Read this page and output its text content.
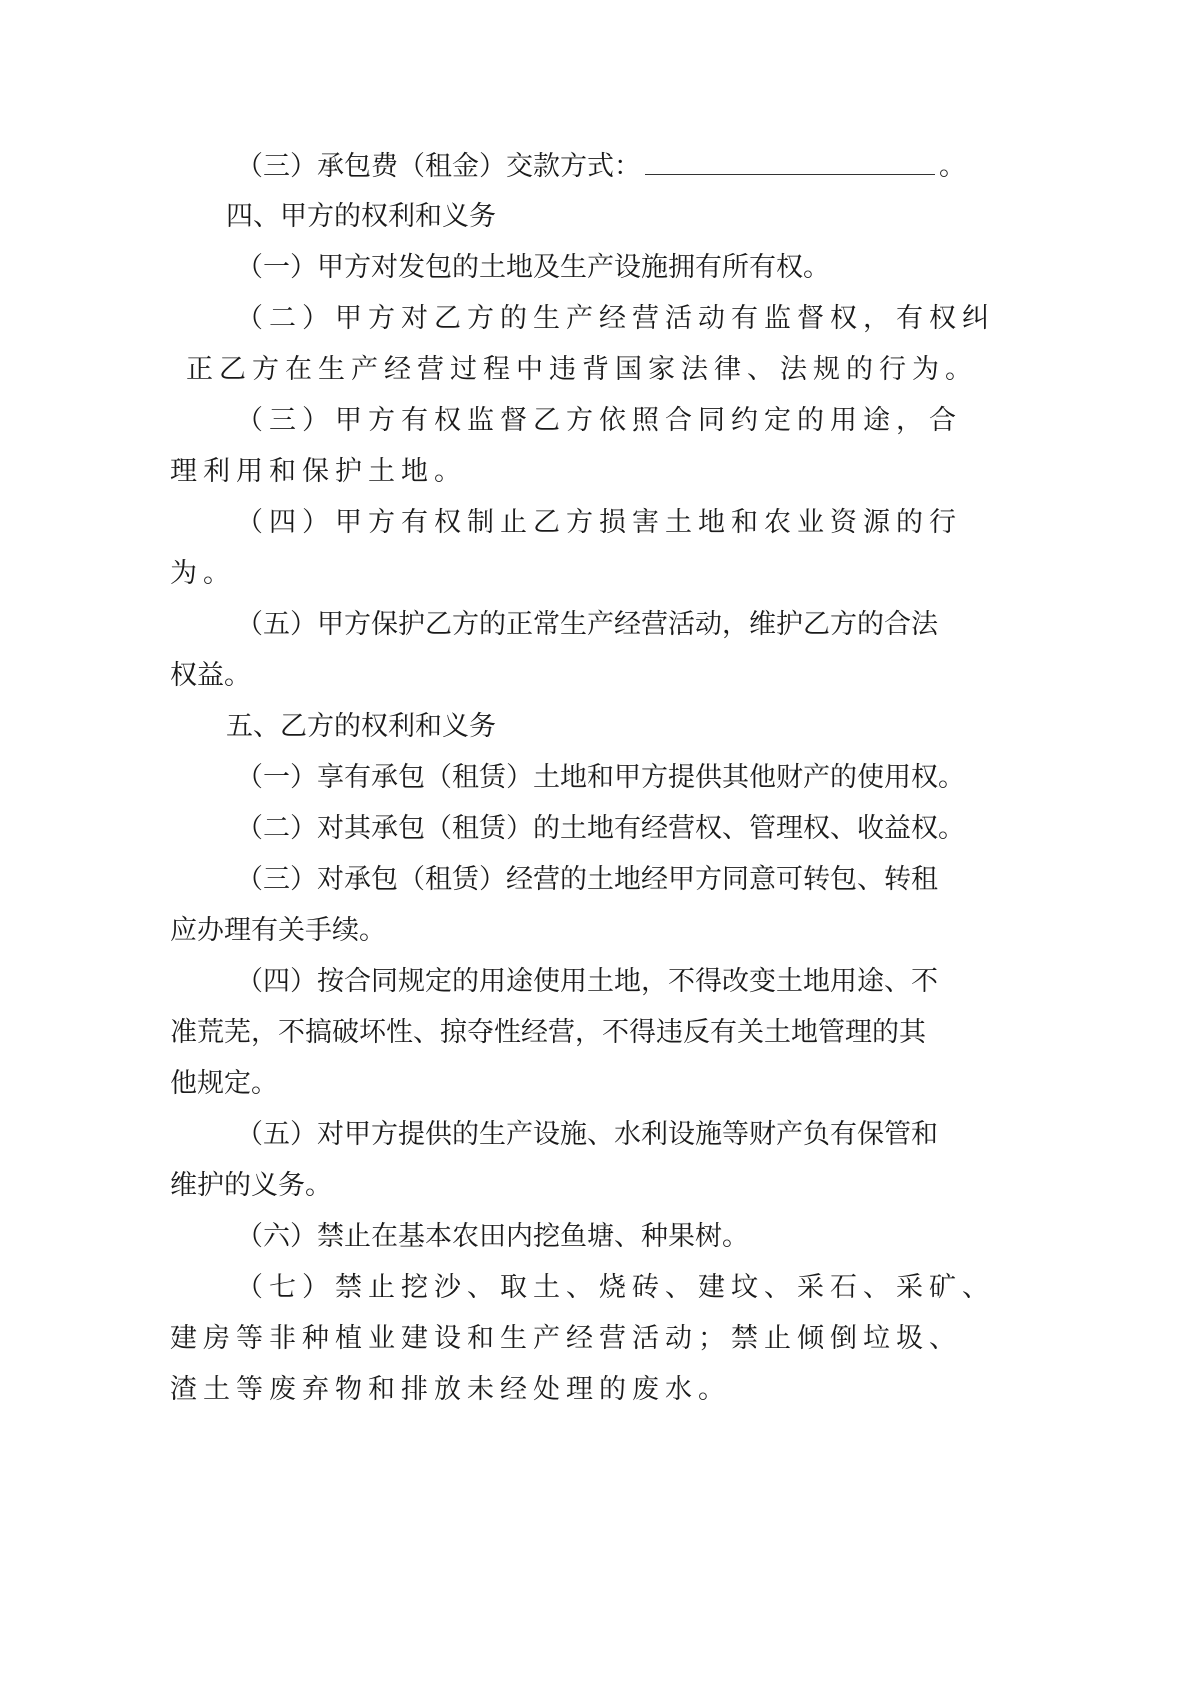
（三）承包费（租金）交款方式：	。
四、甲方的权利和义务
（一）甲方对发包的土地及生产设施拥有所有权。
（二）甲方对乙方的生产经营活动有监督权，有权纠
正乙方在生产经营过程中违背国家法律、法规的行为。
（三）甲方有权监督乙方依照合同约定的用途，合
理利用和保护土地。
（四）甲方有权制止乙方损害土地和农业资源的行
为。
（五）甲方保护乙方的正常生产经营活动，维护乙方的合法
权益。
五、乙方的权利和义务
（一）享有承包（租赁）土地和甲方提供其他财产的使用权。
（二）对其承包（租赁）的土地有经营权、管理权、收益权。
（三）对承包（租赁）经营的土地经甲方同意可转包、转租
应办理有关手续。
（四）按合同规定的用途使用土地，不得改变土地用途、不
准荒芜，不搞破坏性、掠夺性经营，不得违反有关土地管理的其
他规定。
（五）对甲方提供的生产设施、水利设施等财产负有保管和
维护的义务。
（六）禁止在基本农田内挖鱼塘、种果树。
（七）禁止挖沙、取土、烧砖、建坟、采石、采矿、
建房等非种植业建设和生产经营活动；禁止倾倒垃圾、
渣土等废弃物和排放未经处理的废水。
